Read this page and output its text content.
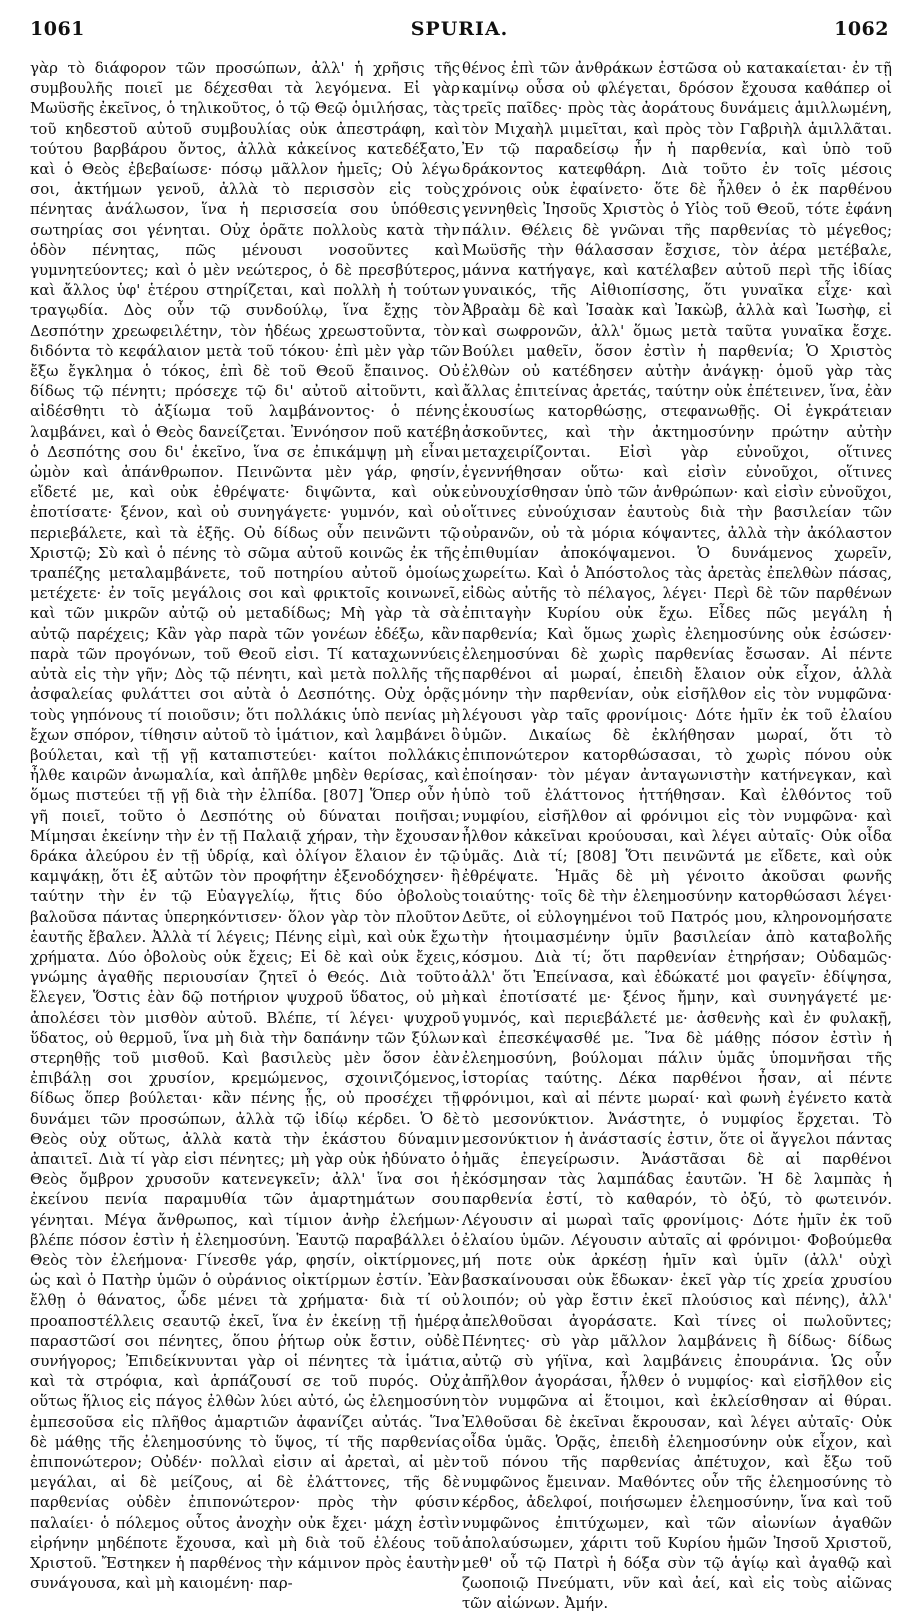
1061	SPURIA.	1062

γὰρ τὸ διάφορον τῶν προσώπων, ἀλλ' ἡ χρῆσις τῆς συμβουλῆς ποιεῖ με δέχεσθαι τὰ λεγόμενα. Εἰ γὰρ Μωϋσῆς ἐκεῖνος, ὁ τηλικοῦτος, ὁ τῷ Θεῷ ὁμιλήσας, τὰς τοῦ κηδεστοῦ αὐτοῦ συμβουλίας οὐκ ἀπεστράφη, καὶ τούτου βαρβάρου ὄντος, ἀλλὰ κἀκείνος κατεδέξατο, καὶ ὁ Θεὸς ἐβεβαίωσε· πόσῳ μᾶλλον ἡμεῖς; Οὐ λέγω σοι, ἀκτήμων γενοῦ, ἀλλὰ τὸ περισσὸν εἰς τοὺς πένητας ἀνάλωσον, ἵνα ἡ περισσεία σου ὑπόθεσις σωτηρίας σοι γένηται. Οὐχ ὁρᾶτε πολλοὺς κατὰ τὴν ὁδὸν πένητας, πῶς μένουσι νοσοῦντες καὶ γυμνητεύοντες; καὶ ὁ μὲν νεώτερος, ὁ δὲ πρεσβύτερος, καὶ ἄλλος ὑφ' ἑτέρου στηρίζεται, καὶ πολλὴ ἡ τούτων τραγῳδία. Δὸς οὖν τῷ συνδούλῳ, ἵνα ἔχῃς τὸν Δεσπότην χρεωφειλέτην, τὸν ἡδέως χρεωστοῦντα, τὸν διδόντα τὸ κεφάλαιον μετὰ τοῦ τόκου· ἐπὶ μὲν γὰρ τῶν ἔξω ἔγκλημα ὁ τόκος, ἐπὶ δὲ τοῦ Θεοῦ ἔπαινος. Οὐ δίδως τῷ πένητι; πρόσεχε τῷ δι' αὐτοῦ αἰτοῦντι, καὶ αἰδέσθητι τὸ ἀξίωμα τοῦ λαμβάνοντος· ὁ πένης λαμβάνει, καὶ ὁ Θεὸς δανείζεται. Ἐννόησον ποῦ κατέβη ὁ Δεσπότης σου δι' ἐκεῖνο, ἵνα σε ἐπικάμψῃ μὴ εἶναι ὠμὸν καὶ ἀπάνθρωπον. Πεινῶντα μὲν γάρ, φησίν, εἴδετέ με, καὶ οὐκ ἐθρέψατε· διψῶντα, καὶ οὐκ ἐποτίσατε· ξένον, καὶ οὐ συνηγάγετε· γυμνόν, καὶ οὐ περιεβάλετε, καὶ τὰ ἑξῆς. Οὐ δίδως οὖν πεινῶντι τῷ Χριστῷ; Σὺ καὶ ὁ πένης τὸ σῶμα αὐτοῦ κοινῶς ἐκ τῆς τραπέζης μεταλαμβάνετε, τοῦ ποτηρίου αὐτοῦ ὁμοίως μετέχετε· ἐν τοῖς μεγάλοις σοι καὶ φρικτοῖς κοινωνεῖ, καὶ τῶν μικρῶν αὐτῷ οὐ μεταδίδως; Μὴ γὰρ τὰ σὰ αὐτῷ παρέχεις; Κἂν γὰρ παρὰ τῶν γονέων ἐδέξω, κἂν παρὰ τῶν προγόνων, τοῦ Θεοῦ εἰσι. Τί καταχωννύεις αὐτὰ εἰς τὴν γῆν; Δὸς τῷ πένητι, καὶ μετὰ πολλῆς τῆς ἀσφαλείας φυλάττει σοι αὐτὰ ὁ Δεσπότης. Οὐχ ὁρᾷς τοὺς γηπόνους τί ποιοῦσιν; ὅτι πολλάκις ὑπὸ πενίας μὴ ἔχων σπόρον, τίθησιν αὐτοῦ τὸ ἱμάτιον, καὶ λαμβάνει ὃ βούλεται, καὶ τῇ γῇ καταπιστεύει· καίτοι πολλάκις ἦλθε καιρῶν ἀνωμαλία, καὶ ἀπῆλθε μηδὲν θερίσας, καὶ ὅμως πιστεύει τῇ γῇ διὰ τὴν ἐλπίδα. [807] Ὅπερ οὖν ἡ γῆ ποιεῖ, τοῦτο ὁ Δεσπότης οὐ δύναται ποιῆσαι; Μίμησαι ἐκείνην τὴν ἐν τῇ Παλαιᾷ χήραν, τὴν ἔχουσαν δράκα ἀλεύρου ἐν τῇ ὑδρίᾳ, καὶ ὀλίγον ἔλαιον ἐν τῷ καμψάκῃ, ὅτι ἐξ αὐτῶν τὸν προφήτην ἐξενοδόχησεν· ἢ ταύτην τὴν ἐν τῷ Εὐαγγελίῳ, ἥτις δύο ὀβολοὺς βαλοῦσα πάντας ὑπερηκόντισεν· ὅλον γὰρ τὸν πλοῦτον ἑαυτῆς ἔβαλεν. Ἀλλὰ τί λέγεις; Πένης εἰμὶ, καὶ οὐκ ἔχω χρήματα. Δύο ὀβολοὺς οὐκ ἔχεις; Εἰ δὲ καὶ οὐκ ἔχεις, γνώμης ἀγαθῆς περιουσίαν ζητεῖ ὁ Θεός. Διὰ τοῦτο ἔλεγεν, Ὅστις ἐὰν δῷ ποτήριον ψυχροῦ ὕδατος, οὐ μὴ ἀπολέσει τὸν μισθὸν αὐτοῦ. Βλέπε, τί λέγει· ψυχροῦ ὕδατος, οὐ θερμοῦ, ἵνα μὴ διὰ τὴν δαπάνην τῶν ξύλων στερηθῇς τοῦ μισθοῦ. Καὶ βασιλεὺς μὲν ὅσον ἐὰν ἐπιβάλῃ σοι χρυσίον, κρεμώμενος, σχοινιζόμενος, δίδως ὅπερ βούλεται· κἂν πένης ᾖς, οὐ προσέχει τῇ δυνάμει τῶν προσώπων, ἀλλὰ τῷ ἰδίῳ κέρδει. Ὁ δὲ Θεὸς οὐχ οὕτως, ἀλλὰ κατὰ τὴν ἑκάστου δύναμιν ἀπαιτεῖ. Διὰ τί γὰρ εἰσι πένητες; μὴ γὰρ οὐκ ἠδύνατο ὁ Θεὸς ὄμβρον χρυσοῦν κατενεγκεῖν; ἀλλ' ἵνα σοι ἡ ἐκείνου πενία παραμυθία τῶν ἁμαρτημάτων σου γένηται. Μέγα ἄνθρωπος, καὶ τίμιον ἀνὴρ ἐλεήμων· βλέπε πόσον ἐστὶν ἡ ἐλεημοσύνη. Ἑαυτῷ παραβάλλει ὁ Θεὸς τὸν ἐλεήμονα· Γίνεσθε γάρ, φησίν, οἰκτίρμονες, ὡς καὶ ὁ Πατὴρ ὑμῶν ὁ οὐράνιος οἰκτίρμων ἐστίν. Ἐὰν ἔλθῃ ὁ θάνατος, ὧδε μένει τὰ χρήματα· διὰ τί οὐ προαποστέλλεις σεαυτῷ ἐκεῖ, ἵνα ἐν ἐκείνῃ τῇ ἡμέρᾳ παραστῶσί σοι πένητες, ὅπου ῥήτωρ οὐκ ἔστιν, οὐδὲ συνήγορος; Ἐπιδείκνυνται γὰρ οἱ πένητες τὰ ἱμάτια, καὶ τὰ στρόφια, καὶ ἁρπάζουσί σε τοῦ πυρός. Οὐχ οὕτως ἥλιος εἰς πάγος ἐλθὼν λύει αὐτό, ὡς ἐλεημοσύνη ἐμπεσοῦσα εἰς πλῆθος ἁμαρτιῶν ἀφανίζει αὐτάς. Ἵνα δὲ μάθῃς τῆς ἐλεημοσύνης τὸ ὕψος, τί τῆς παρθενίας ἐπιπονώτερον; Οὐδέν· πολλαὶ εἰσιν αἱ ἀρεταὶ, αἱ μὲν μεγάλαι, αἱ δὲ μείζους, αἱ δὲ ἐλάττονες, τῆς δὲ παρθενίας οὐδὲν ἐπιπονώτερον· πρὸς τὴν φύσιν παλαίει· ὁ πόλεμος οὗτος ἀνοχὴν οὐκ ἔχει· μάχη ἐστὶν εἰρήνην μηδέποτε ἔχουσα, καὶ μὴ διὰ τοῦ ἐλέους τοῦ Χριστοῦ. Ἔστηκεν ἡ παρθένος τὴν κάμινον πρὸς ἑαυτὴν συνάγουσα, καὶ μὴ καιομένη· παρ-

θένος ἐπὶ τῶν ἀνθράκων ἑστῶσα οὐ κατακαίεται· ἐν τῇ καμίνῳ οὖσα οὐ φλέγεται, δρόσον ἔχουσα καθάπερ οἱ τρεῖς παῖδες· πρὸς τὰς ἀοράτους δυνάμεις ἁμιλλωμένη, τὸν Μιχαὴλ μιμεῖται, καὶ πρὸς τὸν Γαβριὴλ ἁμιλλᾶται. Ἐν τῷ παραδείσῳ ἦν ἡ παρθενία, καὶ ὑπὸ τοῦ δράκοντος κατεφθάρη. Διὰ τοῦτο ἐν τοῖς μέσοις χρόνοις οὐκ ἐφαίνετο· ὅτε δὲ ἦλθεν ὁ ἐκ παρθένου γεννηθεὶς Ἰησοῦς Χριστὸς ὁ Υἱὸς τοῦ Θεοῦ, τότε ἐφάνη πάλιν. Θέλεις δὲ γνῶναι τῆς παρθενίας τὸ μέγεθος; Μωϋσῆς τὴν θάλασσαν ἔσχισε, τὸν ἀέρα μετέβαλε, μάννα κατήγαγε, καὶ κατέλαβεν αὐτοῦ περὶ τῆς ἰδίας γυναικός, τῆς Αἰθιοπίσσης, ὅτι γυναῖκα εἶχε· καὶ Ἀβραὰμ δὲ καὶ Ἰσαὰκ καὶ Ἰακὼβ, ἀλλὰ καὶ Ἰωσὴφ, εἰ καὶ σωφρονῶν, ἀλλ' ὅμως μετὰ ταῦτα γυναῖκα ἔσχε. Βούλει μαθεῖν, ὅσον ἐστὶν ἡ παρθενία; Ὁ Χριστὸς ἐλθὼν οὐ κατέδησεν αὐτὴν ἀνάγκῃ· ὁμοῦ γὰρ τὰς ἄλλας ἐπιτείνας ἀρετάς, ταύτην οὐκ ἐπέτεινεν, ἵνα, ἐὰν ἑκουσίως κατορθώσῃς, στεφανωθῇς. Οἱ ἐγκράτειαν ἀσκοῦντες, καὶ τὴν ἀκτημοσύνην πρώτην αὐτὴν μεταχειρίζονται. Εἰσὶ γὰρ εὐνοῦχοι, οἵτινες ἐγεννήθησαν οὕτω· καὶ εἰσὶν εὐνοῦχοι, οἵτινες εὐνουχίσθησαν ὑπὸ τῶν ἀνθρώπων· καὶ εἰσὶν εὐνοῦχοι, οἵτινες εὐνούχισαν ἑαυτοὺς διὰ τὴν βασιλείαν τῶν οὐρανῶν, οὐ τὰ μόρια κόψαντες, ἀλλὰ τὴν ἀκόλαστον ἐπιθυμίαν ἀποκόψαμενοι. Ὁ δυνάμενος χωρεῖν, χωρείτω. Καὶ ὁ Ἀπόστολος τὰς ἀρετὰς ἐπελθὼν πάσας, εἰδὼς αὐτῆς τὸ πέλαγος, λέγει· Περὶ δὲ τῶν παρθένων ἐπιταγὴν Κυρίου οὐκ ἔχω. Εἶδες πῶς μεγάλη ἡ παρθενία; Καὶ ὅμως χωρὶς ἐλεημοσύνης οὐκ ἐσώσεν· ἐλεημοσύναι δὲ χωρὶς παρθενίας ἔσωσαν. Αἱ πέντε παρθένοι αἱ μωραί, ἐπειδὴ ἔλαιον οὐκ εἶχον, ἀλλὰ μόνην τὴν παρθενίαν, οὐκ εἰσῆλθον εἰς τὸν νυμφῶνα· λέγουσι γὰρ ταῖς φρονίμοις· Δότε ἡμῖν ἐκ τοῦ ἐλαίου ὑμῶν. Δικαίως δὲ ἐκλήθησαν μωραί, ὅτι τὸ ἐπιπονώτερον κατορθώσασαι, τὸ χωρὶς πόνου οὐκ ἐποίησαν· τὸν μέγαν ἀνταγωνιστὴν κατήνεγκαν, καὶ ὑπὸ τοῦ ἐλάττονος ἡττήθησαν. Καὶ ἐλθόντος τοῦ νυμφίου, εἰσῆλθον αἱ φρόνιμοι εἰς τὸν νυμφῶνα· καὶ ἦλθον κἀκεῖναι κρούουσαι, καὶ λέγει αὐταῖς· Οὐκ οἶδα ὑμᾶς. Διὰ τί; [808] Ὅτι πεινῶντά με εἴδετε, καὶ οὐκ ἐθρέψατε. Ἡμᾶς δὲ μὴ γένοιτο ἀκοῦσαι φωνῆς τοιαύτης· τοῖς δὲ τὴν ἐλεημοσύνην κατορθώσασι λέγει· Δεῦτε, οἱ εὐλογημένοι τοῦ Πατρός μου, κληρονομήσατε τὴν ἡτοιμασμένην ὑμῖν βασιλείαν ἀπὸ καταβολῆς κόσμου. Διὰ τί; ὅτι παρθενίαν ἐτηρήσαν; Οὐδαμῶς· ἀλλ' ὅτι Ἐπείνασα, καὶ ἐδώκατέ μοι φαγεῖν· ἐδίψησα, καὶ ἐποτίσατέ με· ξένος ἤμην, καὶ συνηγάγετέ με· γυμνός, καὶ περιεβάλετέ με· ἀσθενὴς καὶ ἐν φυλακῇ, καὶ ἐπεσκέψασθέ με. Ἵνα δὲ μάθῃς πόσον ἐστὶν ἡ ἐλεημοσύνη, βούλομαι πάλιν ὑμᾶς ὑπομνῆσαι τῆς ἱστορίας ταύτης. Δέκα παρθένοι ἦσαν, αἱ πέντε φρόνιμοι, καὶ αἱ πέντε μωραί· καὶ φωνὴ ἐγένετο κατὰ τὸ μεσονύκτιον. Ἀνάστητε, ὁ νυμφίος ἔρχεται. Τὸ μεσονύκτιον ἡ ἀνάστασίς ἐστιν, ὅτε οἱ ἄγγελοι πάντας ἡμᾶς ἐπεγείρωσιν. Ἀνάστᾶσαι δὲ αἱ παρθένοι ἐκόσμησαν τὰς λαμπάδας ἑαυτῶν. Ἡ δὲ λαμπὰς ἡ παρθενία ἐστί, τὸ καθαρόν, τὸ ὀξύ, τὸ φωτεινόν. Λέγουσιν αἱ μωραὶ ταῖς φρονίμοις· Δότε ἡμῖν ἐκ τοῦ ἐλαίου ὑμῶν. Λέγουσιν αὐταῖς αἱ φρόνιμοι· Φοβούμεθα μή ποτε οὐκ ἀρκέσῃ ἡμῖν καὶ ὑμῖν (ἀλλ' οὐχὶ βασκαίνουσαι οὐκ ἔδωκαν· ἐκεῖ γὰρ τίς χρεία χρυσίου λοιπόν; οὐ γὰρ ἔστιν ἐκεῖ πλούσιος καὶ πένης), ἀλλ' ἀπελθοῦσαι ἀγοράσατε. Καὶ τίνες οἱ πωλοῦντες; Πένητες· σὺ γὰρ μᾶλλον λαμβάνεις ἢ δίδως· δίδως αὐτῷ σὺ γήϊνα, καὶ λαμβάνεις ἐπουράνια. Ὡς οὖν ἀπῆλθον ἀγοράσαι, ἦλθεν ὁ νυμφίος· καὶ εἰσῆλθον εἰς τὸν νυμφῶνα αἱ ἕτοιμοι, καὶ ἐκλείσθησαν αἱ θύραι. Ἐλθοῦσαι δὲ ἐκεῖναι ἔκρουσαν, καὶ λέγει αὐταῖς· Οὐκ οἶδα ὑμᾶς. Ὁρᾷς, ἐπειδὴ ἐλεημοσύνην οὐκ εἶχον, καὶ τοῦ πόνου τῆς παρθενίας ἀπέτυχον, καὶ ἔξω τοῦ νυμφῶνος ἔμειναν. Μαθόντες οὖν τῆς ἐλεημοσύνης τὸ κέρδος, ἀδελφοί, ποιήσωμεν ἐλεημοσύνην, ἵνα καὶ τοῦ νυμφῶνος ἐπιτύχωμεν, καὶ τῶν αἰωνίων ἀγαθῶν ἀπολαύσωμεν, χάριτι τοῦ Κυρίου ἡμῶν Ἰησοῦ Χριστοῦ, μεθ' οὗ τῷ Πατρὶ ἡ δόξα σὺν τῷ ἁγίῳ καὶ ἀγαθῷ καὶ ζωοποιῷ Πνεύματι, νῦν καὶ ἀεί, καὶ εἰς τοὺς αἰῶνας τῶν αἰώνων. Ἀμήν.
